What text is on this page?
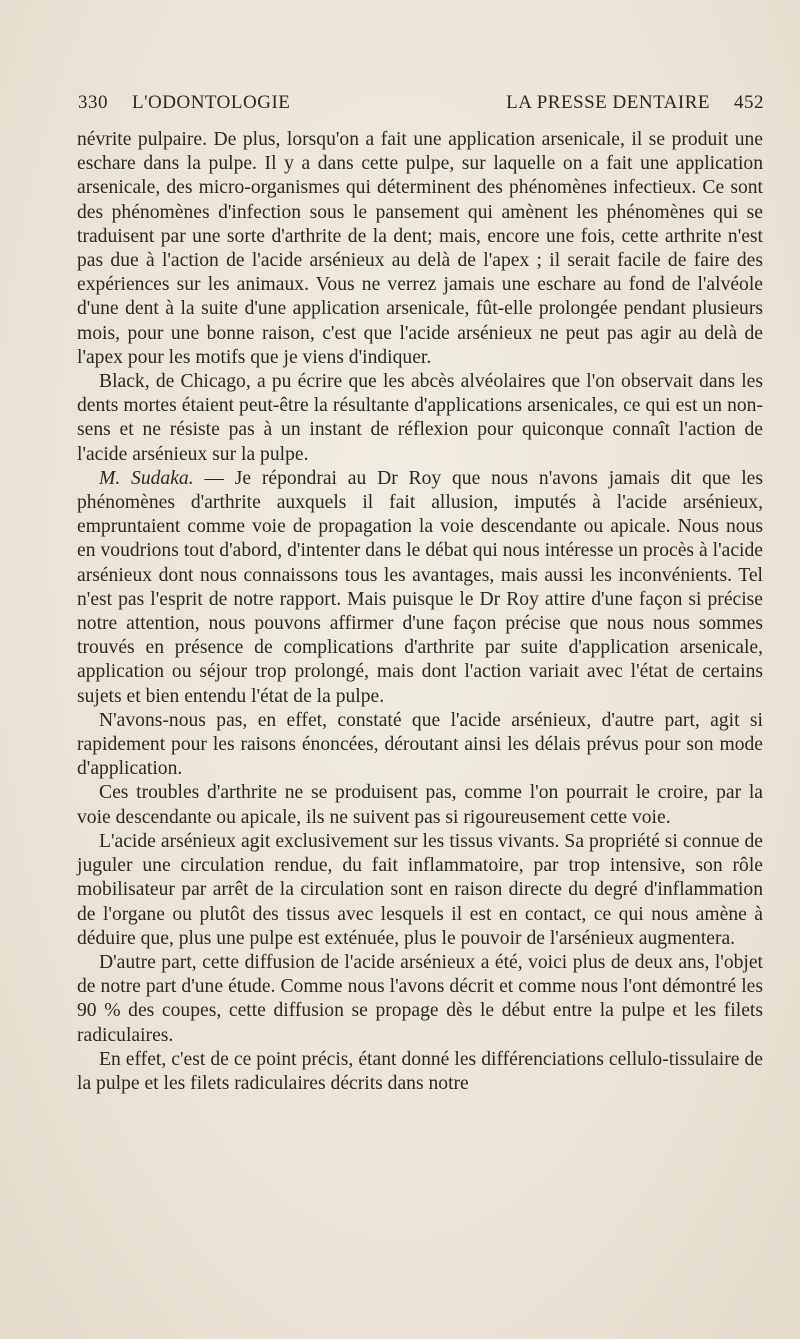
330 L'ODONTOLOGIE	LA PRESSE DENTAIRE 452

névrite pulpaire. De plus, lorsqu'on a fait une application arsenicale, il se produit une eschare dans la pulpe. Il y a dans cette pulpe, sur laquelle on a fait une application arsenicale, des micro-organismes qui déterminent des phénomènes infectieux. Ce sont des phénomènes d'infection sous le pansement qui amènent les phénomènes qui se traduisent par une sorte d'arthrite de la dent; mais, encore une fois, cette arthrite n'est pas due à l'action de l'acide arsénieux au delà de l'apex ; il serait facile de faire des expériences sur les animaux. Vous ne verrez jamais une eschare au fond de l'alvéole d'une dent à la suite d'une application arsenicale, fût-elle prolongée pendant plusieurs mois, pour une bonne raison, c'est que l'acide arsénieux ne peut pas agir au delà de l'apex pour les motifs que je viens d'indiquer.

Black, de Chicago, a pu écrire que les abcès alvéolaires que l'on observait dans les dents mortes étaient peut-être la résultante d'applications arsenicales, ce qui est un non-sens et ne résiste pas à un instant de réflexion pour quiconque connaît l'action de l'acide arsénieux sur la pulpe.

M. Sudaka. — Je répondrai au Dr Roy que nous n'avons jamais dit que les phénomènes d'arthrite auxquels il fait allusion, imputés à l'acide arsénieux, empruntaient comme voie de propagation la voie descendante ou apicale. Nous nous en voudrions tout d'abord, d'intenter dans le débat qui nous intéresse un procès à l'acide arsénieux dont nous connaissons tous les avantages, mais aussi les inconvénients. Tel n'est pas l'esprit de notre rapport. Mais puisque le Dr Roy attire d'une façon si précise notre attention, nous pouvons affirmer d'une façon précise que nous nous sommes trouvés en présence de complications d'arthrite par suite d'application arsenicale, application ou séjour trop prolongé, mais dont l'action variait avec l'état de certains sujets et bien entendu l'état de la pulpe.

N'avons-nous pas, en effet, constaté que l'acide arsénieux, d'autre part, agit si rapidement pour les raisons énoncées, déroutant ainsi les délais prévus pour son mode d'application.

Ces troubles d'arthrite ne se produisent pas, comme l'on pourrait le croire, par la voie descendante ou apicale, ils ne suivent pas si rigoureusement cette voie.

L'acide arsénieux agit exclusivement sur les tissus vivants. Sa propriété si connue de juguler une circulation rendue, du fait inflammatoire, par trop intensive, son rôle mobilisateur par arrêt de la circulation sont en raison directe du degré d'inflammation de l'organe ou plutôt des tissus avec lesquels il est en contact, ce qui nous amène à déduire que, plus une pulpe est exténuée, plus le pouvoir de l'arsénieux augmentera.

D'autre part, cette diffusion de l'acide arsénieux a été, voici plus de deux ans, l'objet de notre part d'une étude. Comme nous l'avons décrit et comme nous l'ont démontré les 90 % des coupes, cette diffusion se propage dès le début entre la pulpe et les filets radiculaires.

En effet, c'est de ce point précis, étant donné les différenciations cellulo-tissulaire de la pulpe et les filets radiculaires décrits dans notre
